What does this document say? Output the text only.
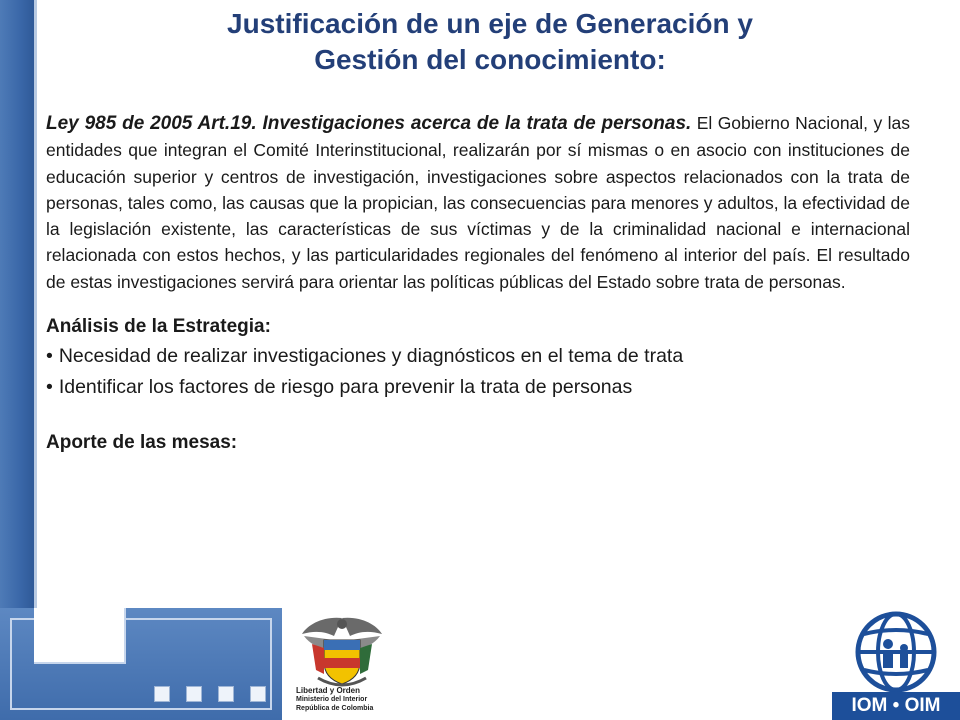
Justificación de un eje de Generación y
Gestión del conocimiento:

Ley 985 de 2005 Art.19. Investigaciones acerca de la trata de personas. El Gobierno Nacional, y las entidades que integran el Comité Interinstitucional, realizarán por sí mismas o en asocio con instituciones de educación superior y centros de investigación, investigaciones sobre aspectos relacionados con la trata de personas, tales como, las causas que la propician, las consecuencias para menores y adultos, la efectividad de la legislación existente, las características de sus víctimas y de la criminalidad nacional e internacional relacionada con estos hechos, y las particularidades regionales del fenómeno al interior del país. El resultado de estas investigaciones servirá para orientar las políticas públicas del Estado sobre trata de personas.

Análisis de la Estrategia:

• Necesidad de realizar investigaciones y diagnósticos en el tema de trata

• Identificar los factores de riesgo para prevenir la trata de personas

Aporte de las mesas:

Libertad y Orden
Ministerio del Interior
República de Colombia	IOM • OIM
